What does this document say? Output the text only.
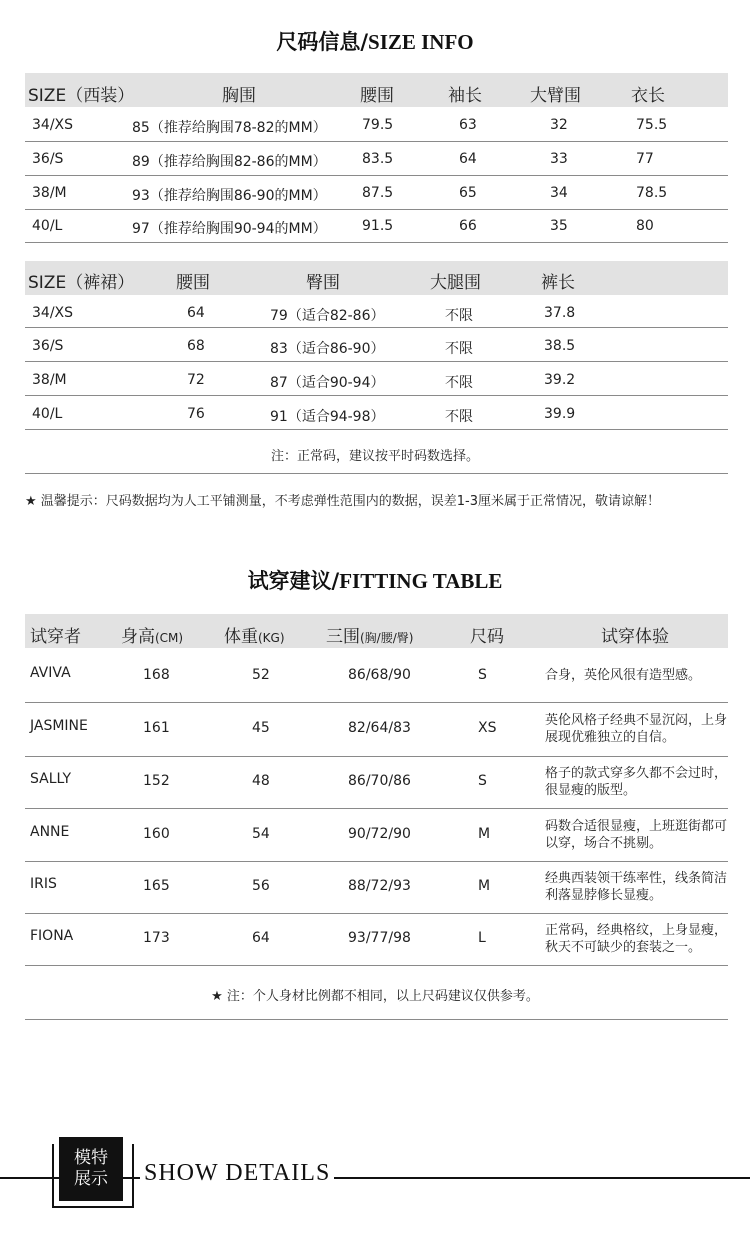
尺码信息/SIZE INFO
SIZE（西装）	胸围	腰围	袖长	大臂围	衣长
34/XS	85（推荐给胸围78-82的MM）	79.5	63	32	75.5
36/S	89（推荐给胸围82-86的MM）	83.5	64	33	77
38/M	93（推荐给胸围86-90的MM）	87.5	65	34	78.5
40/L	97（推荐给胸围90-94的MM）	91.5	66	35	80
SIZE（裤裙） 腰围	臀围	大腿围	裤长
34/XS	64	79（适合82-86）	不限	37.8
36/S	68	83（适合86-90）	不限	38.5
38/M	72	87（适合90-94）	不限	39.2
40/L	76	91（适合94-98）	不限	39.9
注：正常码，建议按平时码数选择。
★ 温馨提示：尺码数据均为人工平铺测量，不考虑弹性范围内的数据，误差1-3厘米属于正常情况，敬请谅解！
试穿建议/FITTING TABLE
试穿者 身高(CM) 体重(KG) 三围(胸/腰/臀)	尺码	试穿体验
AVIVA	168	52	86/68/90	S	合身，英伦风很有造型感。
JASMINE	161	45	82/64/83	XS	英伦风格子经典不显沉闷，上身展现优雅独立的自信。
SALLY	152	48	86/70/86	S	格子的款式穿多久都不会过时，很显瘦的版型。
ANNE	160	54	90/72/90	M	码数合适很显瘦，上班逛街都可以穿，场合不挑剔。
IRIS	165	56	88/72/93	M	经典西装领干练率性，线条简洁利落显脖修长显瘦。
FIONA	173	64	93/77/98	L	正常码，经典格纹，上身显瘦，秋天不可缺少的套装之一。
★ 注：个人身材比例都不相同，以上尺码建议仅供参考。
模特
展示	SHOW DETAILS
